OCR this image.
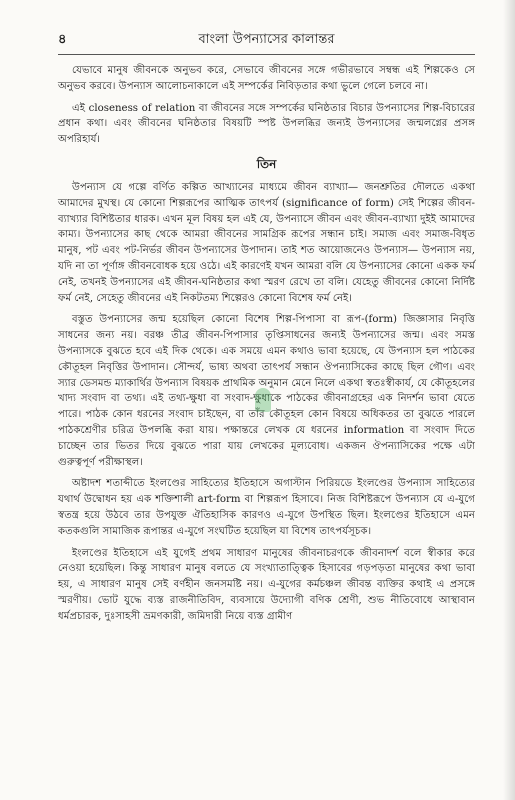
৪	বাংলা উপন্যাসের কালান্তর

যেভাবে মানুষ জীবনকে অনুভব করে, সেভাবে জীবনের সঙ্গে গভীরভাবে সম্বন্ধ এই শিল্পকেও সে অনুভব করবে। উপন্যাস আলোচনাকালে এই সম্পর্কের নিবিড়তার কথা ভুলে গেলে চলবে না।

এই closeness of relation বা জীবনের সঙ্গে সম্পর্কের ঘনিষ্ঠতার বিচার উপন্যাসের শিল্প-বিচারের প্রধান কথা। এবং জীবনের ঘনিষ্ঠতার বিষয়টি স্পষ্ট উপলব্ধির জন্যই উপন্যাসের জন্মলগ্নের প্রসঙ্গ অপরিহার্য।

তিন

উপন্যাস যে গল্পে বর্ণিত কল্পিত আখ্যানের মাধ্যমে জীবন ব্যাখ্যা— জনশ্রুতির দৌলতে একথা আমাদের মুখস্থ। যে কোনো শিল্পরূপের আত্মিক তাৎপর্য (significance of form) সেই শিল্পের জীবন-ব্যাখ্যার বিশিষ্টতার ধারক। এখন মূল বিষয় হল এই যে, উপন্যাসে জীবন এবং জীবন-ব্যাখ্যা দুইই আমাদের কাম্য। উপন্যাসের কাছ থেকে আমরা জীবনের সামগ্রিক রূপের সন্ধান চাই। সমাজ এবং সমাজ-বিধৃত মানুষ, পট এবং পট-নির্ভর জীবন উপন্যাসের উপাদান। তাই শত আয়োজনেও উপন্যাস— উপন্যাস নয়, যদি না তা পূর্ণাঙ্গ জীবনবোধক হয়ে ওঠে। এই কারণেই যখন আমরা বলি যে উপন্যাসের কোনো একক ফর্ম নেই, তখনই উপন্যাসের এই জীবন-ঘনিষ্ঠতার কথা স্মরণ রেখে তা বলি। যেহেতু জীবনের কোনো নির্দিষ্ট ফর্ম নেই, সেহেতু জীবনের এই নিকটতম্য শিল্পেরও কোনো বিশেষ ফর্ম নেই।

বস্তুত উপন্যাসের জন্ম হয়েছিল কোনো বিশেষ শিল্প-পিপাসা বা রূপ-(form) জিজ্ঞাসার নিবৃত্তি সাধনের জন্য নয়। বরঞ্চ তীব্র জীবন-পিপাসার তৃপ্তিসাধনের জন্যই উপন্যাসের জন্ম। এবং সমস্ত উপন্যাসকে বুঝতে হবে এই দিক থেকে। এক সময়ে এমন কথাও ভাবা হয়েছে, যে উপন্যাস হল পাঠকের কৌতূহল নিবৃত্তির উপাদান। সৌন্দর্য, ভাষ্য অথবা তাৎপর্য সন্ধান ঔপন্যাসিকের কাছে ছিল গৌণ। এবং স্যার ডেসমন্ড ম্যাকার্থির উপন্যাস বিষয়ক প্রাথমিক অনুমান মেনে নিলে একথা স্বতঃস্বীকার্য, যে কৌতূহলের খাদ্য সংবাদ বা তথ্য। এই তথ্য-ক্ষুধা বা সংবাদ-ক্ষুধাকে পাঠকের জীবনাগ্রহের এক নিদর্শন ভাবা যেতে পারে। পাঠক কোন ধরনের সংবাদ চাইছেন, বা তাঁর কৌতূহল কোন বিষয়ে অধিকতর তা বুঝতে পারলে পাঠকশ্রেণীর চরিত্র উপলব্ধি করা যায়। পক্ষান্তরে লেখক যে ধরনের information বা সংবাদ দিতে চাচ্ছেন তার ভিতর দিয়ে বুঝতে পারা যায় লেখকের মূল্যবোধ। একজন ঔপন্যাসিকের পক্ষে এটা গুরুত্বপূর্ণ পরীক্ষাস্থল।

অষ্টাদশ শতাব্দীতে ইংলণ্ডের সাহিত্যের ইতিহাসে অগাস্টান পিরিয়ডে ইংলণ্ডের উপন্যাস সাহিত্যের যথার্থ উদ্বোধন হয় এক শক্তিশালী art-form বা শিল্পরূপ হিসাবে। নিজ বিশিষ্টরূপে উপন্যাস যে এ-যুগে স্বতন্ত্র হয়ে উঠবে তার উপযুক্ত ঐতিহাসিক কারণও এ-যুগে উপস্থিত ছিল। ইংলণ্ডের ইতিহাসে এমন কতকগুলি সামাজিক রূপান্তর এ-যুগে সংঘটিত হয়েছিল যা বিশেষ তাৎপর্যসূচক।

ইংলণ্ডের ইতিহাসে এই যুগেই প্রথম সাধারণ মানুষের জীবনাচরণকে জীবনাদর্শ বলে স্বীকার করে নেওয়া হয়েছিল। কিন্তু সাধারণ মানুষ বলতে যে সংখ্যাতাত্ত্বিক হিসাবের গড়পড়তা মানুষের কথা ভাবা হয়, এ সাধারণ মানুষ সেই বর্ণহীন জনসমষ্টি নয়। এ-যুগের কর্মচঞ্চল জীবন্ত ব্যক্তির কথাই এ প্রসঙ্গে স্মরণীয়। ভোট যুদ্ধে ব্যস্ত রাজনীতিবিদ, ব্যবসায়ে উদ্যোগী বণিক শ্রেণী, শুভ নীতিবোধে আস্থাবান ধর্মপ্রচারক, দুঃসাহসী ভ্রমণকারী, জমিদারী নিয়ে ব্যস্ত গ্রামীণ
